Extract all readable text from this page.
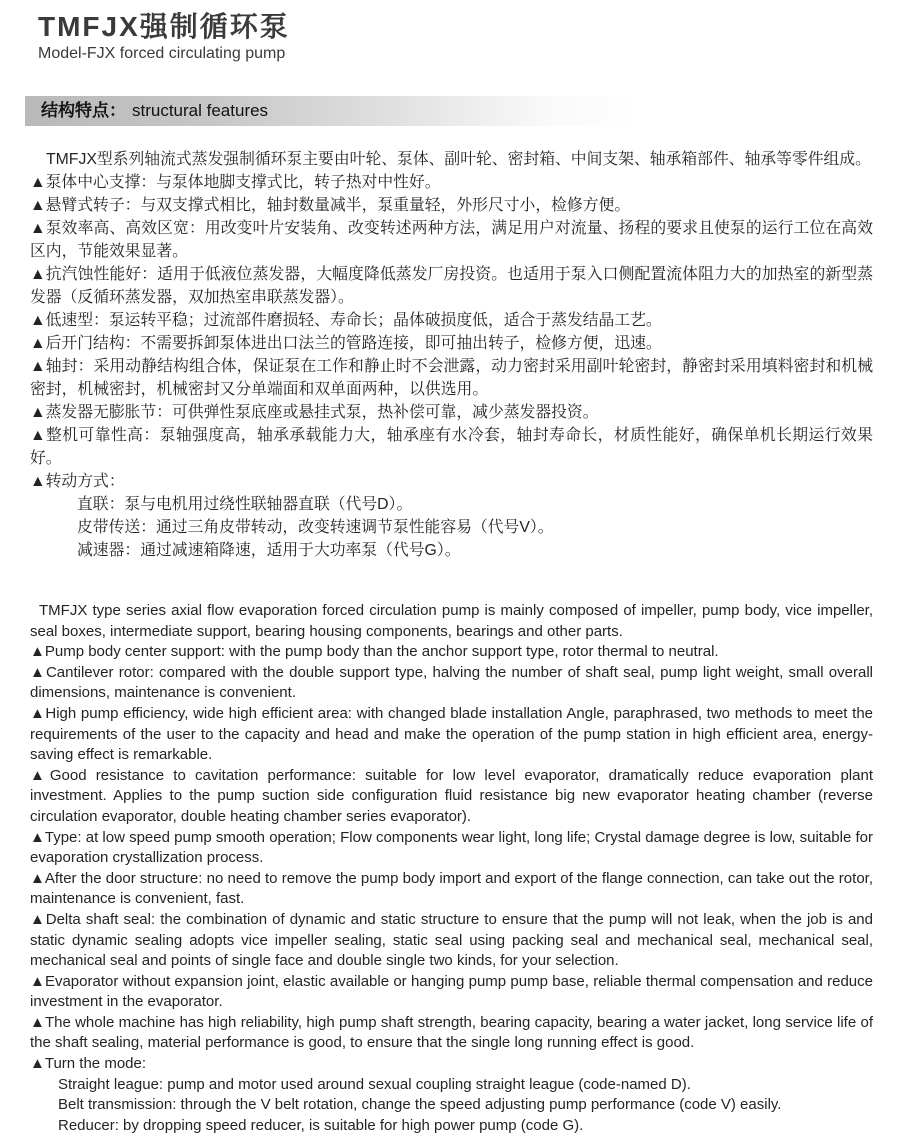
TMFJX强制循环泵
Model-FJX forced circulating pump
结构特点： structural features

TMFJX型系列轴流式蒸发强制循环泵主要由叶轮、泵体、副叶轮、密封箱、中间支架、轴承箱部件、轴承等零件组成。

▲泵体中心支撑：与泵体地脚支撑式比，转子热对中性好。

▲悬臂式转子：与双支撑式相比，轴封数量减半，泵重量轻，外形尺寸小，检修方便。

▲泵效率高、高效区宽：用改变叶片安装角、改变转述两种方法，满足用户对流量、扬程的要求且使泵的运行工位在高效区内，节能效果显著。

▲抗汽蚀性能好：适用于低液位蒸发器，大幅度降低蒸发厂房投资。也适用于泵入口侧配置流体阻力大的加热室的新型蒸发器（反循环蒸发器，双加热室串联蒸发器）。

▲低速型：泵运转平稳；过流部件磨损轻、寿命长；晶体破损度低，适合于蒸发结晶工艺。

▲后开门结构：不需要拆卸泵体进出口法兰的管路连接，即可抽出转子，检修方便，迅速。

▲轴封：采用动静结构组合体，保证泵在工作和静止时不会泄露，动力密封采用副叶轮密封，静密封采用填料密封和机械密封，机械密封，机械密封又分单端面和双单面两种，以供选用。

▲蒸发器无膨胀节：可供弹性泵底座或悬挂式泵，热补偿可靠，减少蒸发器投资。

▲整机可靠性高：泵轴强度高，轴承承载能力大，轴承座有水冷套，轴封寿命长，材质性能好，确保单机长期运行效果好。

▲转动方式：

直联：泵与电机用过绕性联轴器直联（代号D）。

皮带传送：通过三角皮带转动，改变转速调节泵性能容易（代号V）。

减速器：通过减速箱降速，适用于大功率泵（代号G）。

TMFJX type series axial flow evaporation forced circulation pump is mainly composed of impeller, pump body, vice impeller, seal boxes, intermediate support, bearing housing components, bearings and other parts.

▲Pump body center support: with the pump body than the anchor support type, rotor thermal to neutral.

▲Cantilever rotor: compared with the double support type, halving the number of shaft seal, pump light weight, small overall dimensions, maintenance is convenient.

▲High pump efficiency, wide high efficient area: with changed blade installation Angle, paraphrased, two methods to meet the requirements of the user to the capacity and head and make the operation of the pump station in high efficient area, energy-saving effect is remarkable.

▲Good resistance to cavitation performance: suitable for low level evaporator, dramatically reduce evaporation plant investment. Applies to the pump suction side configuration fluid resistance big new evaporator heating chamber (reverse circulation evaporator, double heating chamber series evaporator).

▲Type: at low speed pump smooth operation; Flow components wear light, long life; Crystal damage degree is low, suitable for evaporation crystallization process.

▲After the door structure: no need to remove the pump body import and export of the flange connection, can take out the rotor, maintenance is convenient, fast.

▲Delta shaft seal: the combination of dynamic and static structure to ensure that the pump will not leak, when the job is and static dynamic sealing adopts vice impeller sealing, static seal using packing seal and mechanical seal, mechanical seal, mechanical seal and points of single face and double single two kinds, for your selection.

▲Evaporator without expansion joint, elastic available or hanging pump pump base, reliable thermal compensation and reduce investment in the evaporator.

▲The whole machine has high reliability, high pump shaft strength, bearing capacity, bearing a water jacket, long service life of the shaft sealing, material performance is good, to ensure that the single long running effect is good.

▲Turn the mode:

Straight league: pump and motor used around sexual coupling straight league (code-named D).

Belt transmission: through the V belt rotation, change the speed adjusting pump performance (code V) easily.

Reducer: by dropping speed reducer, is suitable for high power pump (code G).
